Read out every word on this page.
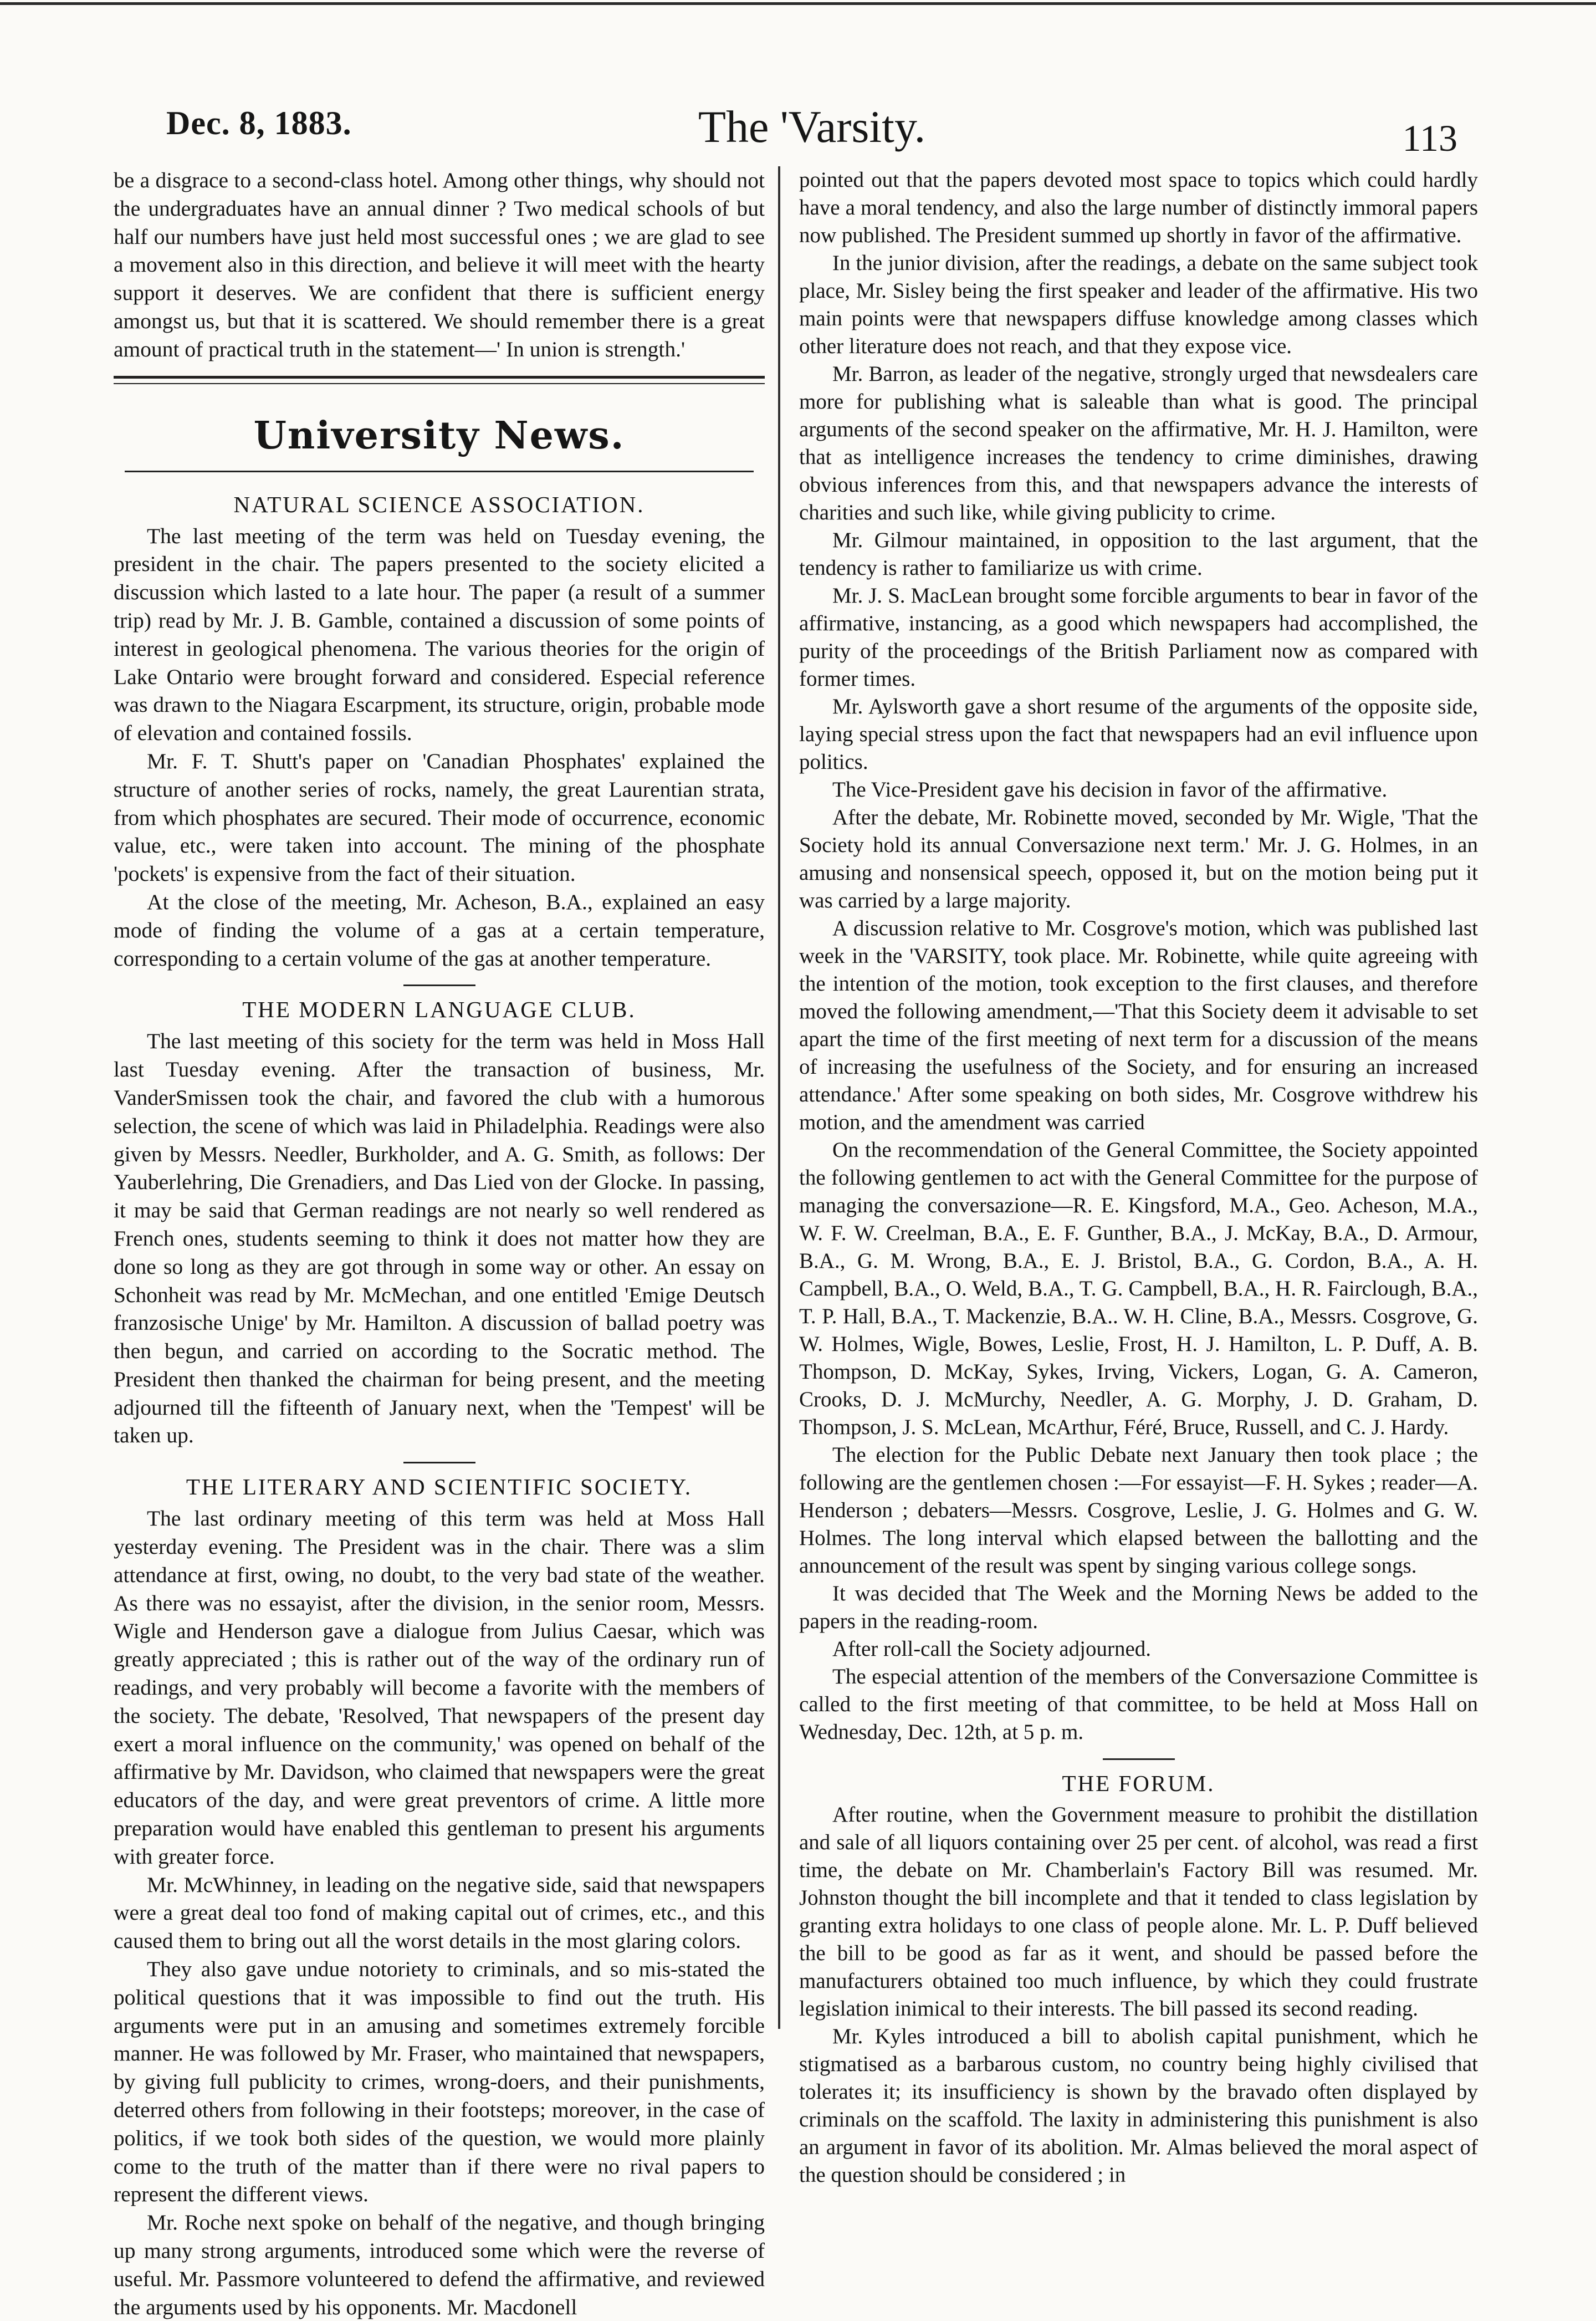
Dec. 8, 1883.	The 'Varsity.	113

be a disgrace to a second-class hotel. Among other things, why should not the undergraduates have an annual dinner ? Two medical schools of but half our numbers have just held most successful ones ; we are glad to see a movement also in this direction, and believe it will meet with the hearty support it deserves. We are confident that there is sufficient energy amongst us, but that it is scattered. We should remember there is a great amount of practical truth in the statement—' In union is strength.'

University News.
NATURAL SCIENCE ASSOCIATION.

The last meeting of the term was held on Tuesday evening, the president in the chair. The papers presented to the society elicited a discussion which lasted to a late hour. The paper (a result of a summer trip) read by Mr. J. B. Gamble, contained a discussion of some points of interest in geological phenomena. The various theories for the origin of Lake Ontario were brought forward and considered. Especial reference was drawn to the Niagara Escarpment, its structure, origin, probable mode of elevation and contained fossils.

Mr. F. T. Shutt's paper on 'Canadian Phosphates' explained the structure of another series of rocks, namely, the great Laurentian strata, from which phosphates are secured. Their mode of occurrence, economic value, etc., were taken into account. The mining of the phosphate 'pockets' is expensive from the fact of their situation.

At the close of the meeting, Mr. Acheson, B.A., explained an easy mode of finding the volume of a gas at a certain temperature, corresponding to a certain volume of the gas at another temperature.

THE MODERN LANGUAGE CLUB.

The last meeting of this society for the term was held in Moss Hall last Tuesday evening. After the transaction of business, Mr. VanderSmissen took the chair, and favored the club with a humorous selection, the scene of which was laid in Philadelphia. Readings were also given by Messrs. Needler, Burkholder, and A. G. Smith, as follows: Der Yauberlehring, Die Grenadiers, and Das Lied von der Glocke. In passing, it may be said that German readings are not nearly so well rendered as French ones, students seeming to think it does not matter how they are done so long as they are got through in some way or other. An essay on Schonheit was read by Mr. McMechan, and one entitled 'Emige Deutsch franzosische Unige' by Mr. Hamilton. A discussion of ballad poetry was then begun, and carried on according to the Socratic method. The President then thanked the chairman for being present, and the meeting adjourned till the fifteenth of January next, when the 'Tempest' will be taken up.

THE LITERARY AND SCIENTIFIC SOCIETY.

The last ordinary meeting of this term was held at Moss Hall yesterday evening. The President was in the chair. There was a slim attendance at first, owing, no doubt, to the very bad state of the weather. As there was no essayist, after the division, in the senior room, Messrs. Wigle and Henderson gave a dialogue from Julius Caesar, which was greatly appreciated ; this is rather out of the way of the ordinary run of readings, and very probably will become a favorite with the members of the society. The debate, 'Resolved, That newspapers of the present day exert a moral influence on the community,' was opened on behalf of the affirmative by Mr. Davidson, who claimed that newspapers were the great educators of the day, and were great preventors of crime. A little more preparation would have enabled this gentleman to present his arguments with greater force.

Mr. McWhinney, in leading on the negative side, said that newspapers were a great deal too fond of making capital out of crimes, etc., and this caused them to bring out all the worst details in the most glaring colors.

They also gave undue notoriety to criminals, and so mis-stated the political questions that it was impossible to find out the truth. His arguments were put in an amusing and sometimes extremely forcible manner. He was followed by Mr. Fraser, who maintained that newspapers, by giving full publicity to crimes, wrong-doers, and their punishments, deterred others from following in their footsteps; moreover, in the case of politics, if we took both sides of the question, we would more plainly come to the truth of the matter than if there were no rival papers to represent the different views.

Mr. Roche next spoke on behalf of the negative, and though bringing up many strong arguments, introduced some which were the reverse of useful. Mr. Passmore volunteered to defend the affirmative, and reviewed the arguments used by his opponents. Mr. Macdonell

pointed out that the papers devoted most space to topics which could hardly have a moral tendency, and also the large number of distinctly immoral papers now published. The President summed up shortly in favor of the affirmative.

In the junior division, after the readings, a debate on the same subject took place, Mr. Sisley being the first speaker and leader of the affirmative. His two main points were that newspapers diffuse knowledge among classes which other literature does not reach, and that they expose vice.

Mr. Barron, as leader of the negative, strongly urged that newsdealers care more for publishing what is saleable than what is good. The principal arguments of the second speaker on the affirmative, Mr. H. J. Hamilton, were that as intelligence increases the tendency to crime diminishes, drawing obvious inferences from this, and that newspapers advance the interests of charities and such like, while giving publicity to crime.

Mr. Gilmour maintained, in opposition to the last argument, that the tendency is rather to familiarize us with crime.

Mr. J. S. MacLean brought some forcible arguments to bear in favor of the affirmative, instancing, as a good which newspapers had accomplished, the purity of the proceedings of the British Parliament now as compared with former times.

Mr. Aylsworth gave a short resume of the arguments of the opposite side, laying special stress upon the fact that newspapers had an evil influence upon politics.

The Vice-President gave his decision in favor of the affirmative.

After the debate, Mr. Robinette moved, seconded by Mr. Wigle, 'That the Society hold its annual Conversazione next term.' Mr. J. G. Holmes, in an amusing and nonsensical speech, opposed it, but on the motion being put it was carried by a large majority.

A discussion relative to Mr. Cosgrove's motion, which was published last week in the 'VARSITY, took place. Mr. Robinette, while quite agreeing with the intention of the motion, took exception to the first clauses, and therefore moved the following amendment,—'That this Society deem it advisable to set apart the time of the first meeting of next term for a discussion of the means of increasing the usefulness of the Society, and for ensuring an increased attendance.' After some speaking on both sides, Mr. Cosgrove withdrew his motion, and the amendment was carried

On the recommendation of the General Committee, the Society appointed the following gentlemen to act with the General Committee for the purpose of managing the conversazione—R. E. Kingsford, M.A., Geo. Acheson, M.A., W. F. W. Creelman, B.A., E. F. Gunther, B.A., J. McKay, B.A., D. Armour, B.A., G. M. Wrong, B.A., E. J. Bristol, B.A., G. Cordon, B.A., A. H. Campbell, B.A., O. Weld, B.A., T. G. Campbell, B.A., H. R. Fairclough, B.A., T. P. Hall, B.A., T. Mackenzie, B.A.. W. H. Cline, B.A., Messrs. Cosgrove, G. W. Holmes, Wigle, Bowes, Leslie, Frost, H. J. Hamilton, L. P. Duff, A. B. Thompson, D. McKay, Sykes, Irving, Vickers, Logan, G. A. Cameron, Crooks, D. J. McMurchy, Needler, A. G. Morphy, J. D. Graham, D. Thompson, J. S. McLean, McArthur, Féré, Bruce, Russell, and C. J. Hardy.

The election for the Public Debate next January then took place ; the following are the gentlemen chosen :—For essayist—F. H. Sykes ; reader—A. Henderson ; debaters—Messrs. Cosgrove, Leslie, J. G. Holmes and G. W. Holmes. The long interval which elapsed between the ballotting and the announcement of the result was spent by singing various college songs.

It was decided that The Week and the Morning News be added to the papers in the reading-room.

After roll-call the Society adjourned.

The especial attention of the members of the Conversazione Committee is called to the first meeting of that committee, to be held at Moss Hall on Wednesday, Dec. 12th, at 5 p. m.

THE FORUM.

After routine, when the Government measure to prohibit the distillation and sale of all liquors containing over 25 per cent. of alcohol, was read a first time, the debate on Mr. Chamberlain's Factory Bill was resumed. Mr. Johnston thought the bill incomplete and that it tended to class legislation by granting extra holidays to one class of people alone. Mr. L. P. Duff believed the bill to be good as far as it went, and should be passed before the manufacturers obtained too much influence, by which they could frustrate legislation inimical to their interests. The bill passed its second reading.

Mr. Kyles introduced a bill to abolish capital punishment, which he stigmatised as a barbarous custom, no country being highly civilised that tolerates it; its insufficiency is shown by the bravado often displayed by criminals on the scaffold. The laxity in administering this punishment is also an argument in favor of its abolition. Mr. Almas believed the moral aspect of the question should be considered ; in
